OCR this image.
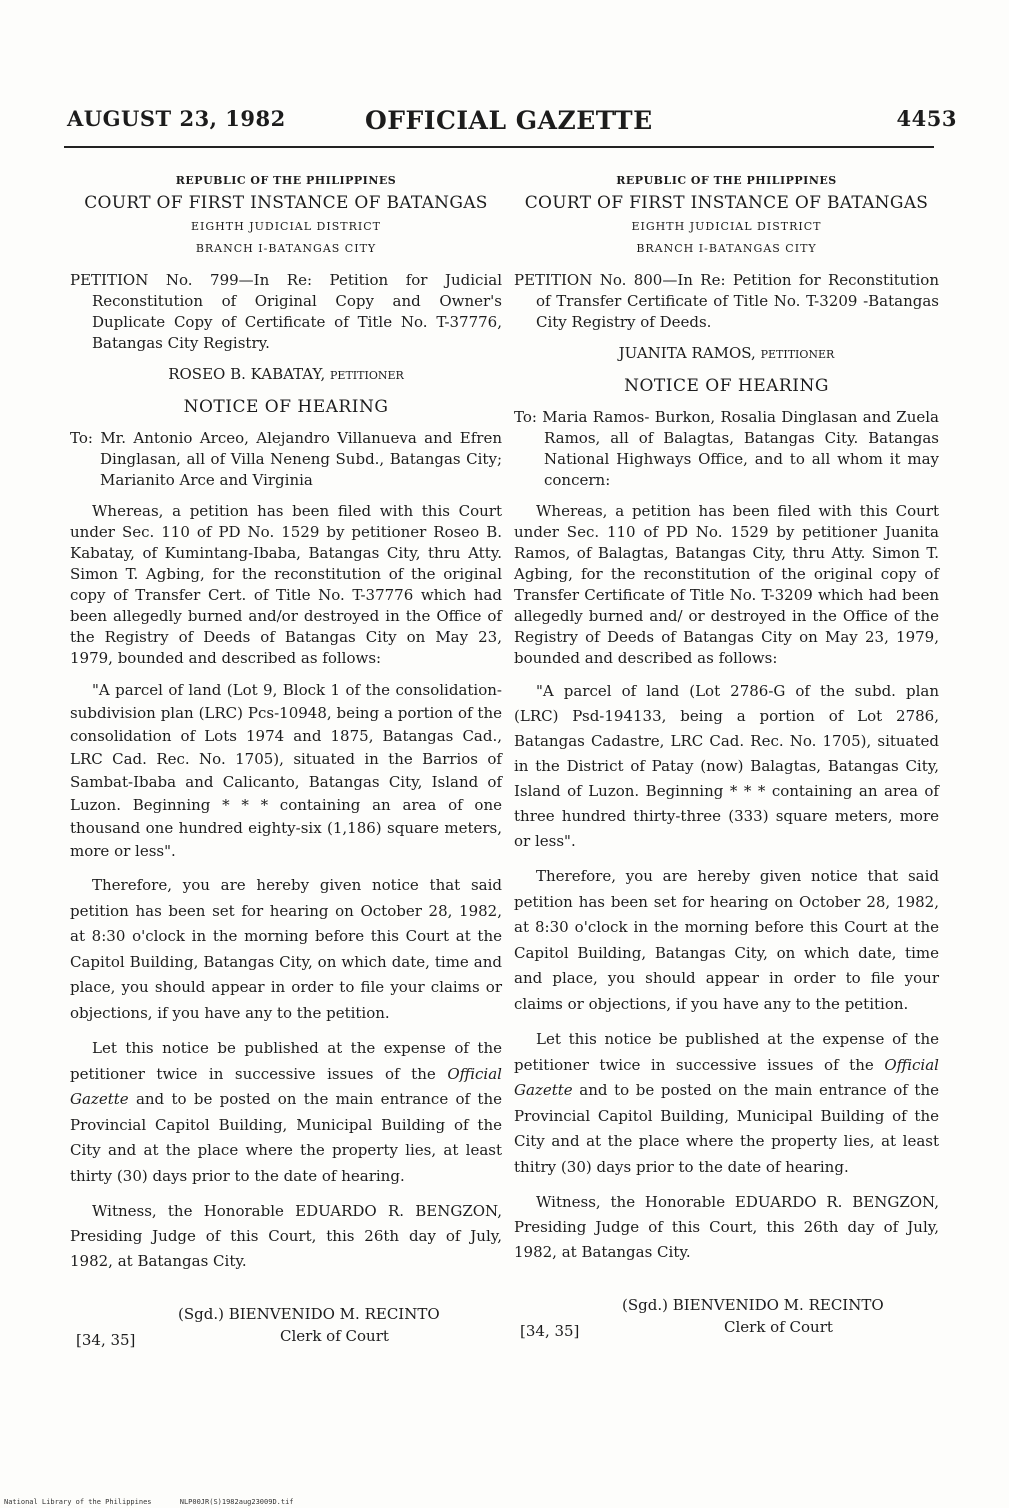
AUGUST 23, 1982	OFFICIAL GAZETTE	4453

REPUBLIC OF THE PHILIPPINES

COURT OF FIRST INSTANCE OF BATANGAS

EIGHTH JUDICIAL DISTRICT

BRANCH I-BATANGAS CITY

PETITION No. 799—In Re: Petition for Judicial Reconstitution of Original Copy and Owner's Duplicate Copy of Certificate of Title No. T-37776, Batangas City Registry.

ROSEO B. KABATAY, petitioner

NOTICE OF HEARING

To: Mr. Antonio Arceo, Alejandro Villanueva and Efren Dinglasan, all of Villa Neneng Subd., Batangas City; Marianito Arce and Virginia

Whereas, a petition has been filed with this Court under Sec. 110 of PD No. 1529 by petitioner Roseo B. Kabatay, of Kumintang-Ibaba, Batangas City, thru Atty. Simon T. Agbing, for the reconstitution of the original copy of Transfer Cert. of Title No. T-37776 which had been allegedly burned and/or destroyed in the Office of the Registry of Deeds of Batangas City on May 23, 1979, bounded and described as follows:

"A parcel of land (Lot 9, Block 1 of the consolidation-subdivision plan (LRC) Pcs-10948, being a portion of the consolidation of Lots 1974 and 1875, Batangas Cad., LRC Cad. Rec. No. 1705), situated in the Barrios of Sambat-Ibaba and Calicanto, Batangas City, Island of Luzon. Beginning * * * containing an area of one thousand one hundred eighty-six (1,186) square meters, more or less".

Therefore, you are hereby given notice that said petition has been set for hearing on October 28, 1982, at 8:30 o'clock in the morning before this Court at the Capitol Building, Batangas City, on which date, time and place, you should appear in order to file your claims or objections, if you have any to the petition.

Let this notice be published at the expense of the petitioner twice in successive issues of the Official Gazette and to be posted on the main entrance of the Provincial Capitol Building, Municipal Building of the City and at the place where the property lies, at least thirty (30) days prior to the date of hearing.

Witness, the Honorable EDUARDO R. BENGZON, Presiding Judge of this Court, this 26th day of July, 1982, at Batangas City.

(Sgd.) BIENVENIDO M. RECINTO
Clerk of Court
[34, 35]

REPUBLIC OF THE PHILIPPINES

COURT OF FIRST INSTANCE OF BATANGAS

EIGHTH JUDICIAL DISTRICT

BRANCH I-BATANGAS CITY

PETITION No. 800—In Re: Petition for Reconstitution of Transfer Certificate of Title No. T-3209 -Batangas City Registry of Deeds.

JUANITA RAMOS, petitioner

NOTICE OF HEARING

To: Maria Ramos- Burkon, Rosalia Dinglasan and Zuela Ramos, all of Balagtas, Batangas City. Batangas National Highways Office, and to all whom it may concern:

Whereas, a petition has been filed with this Court under Sec. 110 of PD No. 1529 by petitioner Juanita Ramos, of Balagtas, Batangas City, thru Atty. Simon T. Agbing, for the reconstitution of the original copy of Transfer Certificate of Title No. T-3209 which had been allegedly burned and/ or destroyed in the Office of the Registry of Deeds of Batangas City on May 23, 1979, bounded and described as follows:

"A parcel of land (Lot 2786-G of the subd. plan (LRC) Psd-194133, being a portion of Lot 2786, Batangas Cadastre, LRC Cad. Rec. No. 1705), situated in the District of Patay (now) Balagtas, Batangas City, Island of Luzon. Beginning * * * containing an area of three hundred thirty-three (333) square meters, more or less".

Therefore, you are hereby given notice that said petition has been set for hearing on October 28, 1982, at 8:30 o'clock in the morning before this Court at the Capitol Building, Batangas City, on which date, time and place, you should appear in order to file your claims or objections, if you have any to the petition.

Let this notice be published at the expense of the petitioner twice in successive issues of the Official Gazette and to be posted on the main entrance of the Provincial Capitol Building, Municipal Building of the City and at the place where the property lies, at least thitry (30) days prior to the date of hearing.

Witness, the Honorable EDUARDO R. BENGZON, Presiding Judge of this Court, this 26th day of July, 1982, at Batangas City.

(Sgd.) BIENVENIDO M. RECINTO
Clerk of Court
[34, 35]
National Library of the Philippines	NLP00JR(S)1982aug23009D.tif
